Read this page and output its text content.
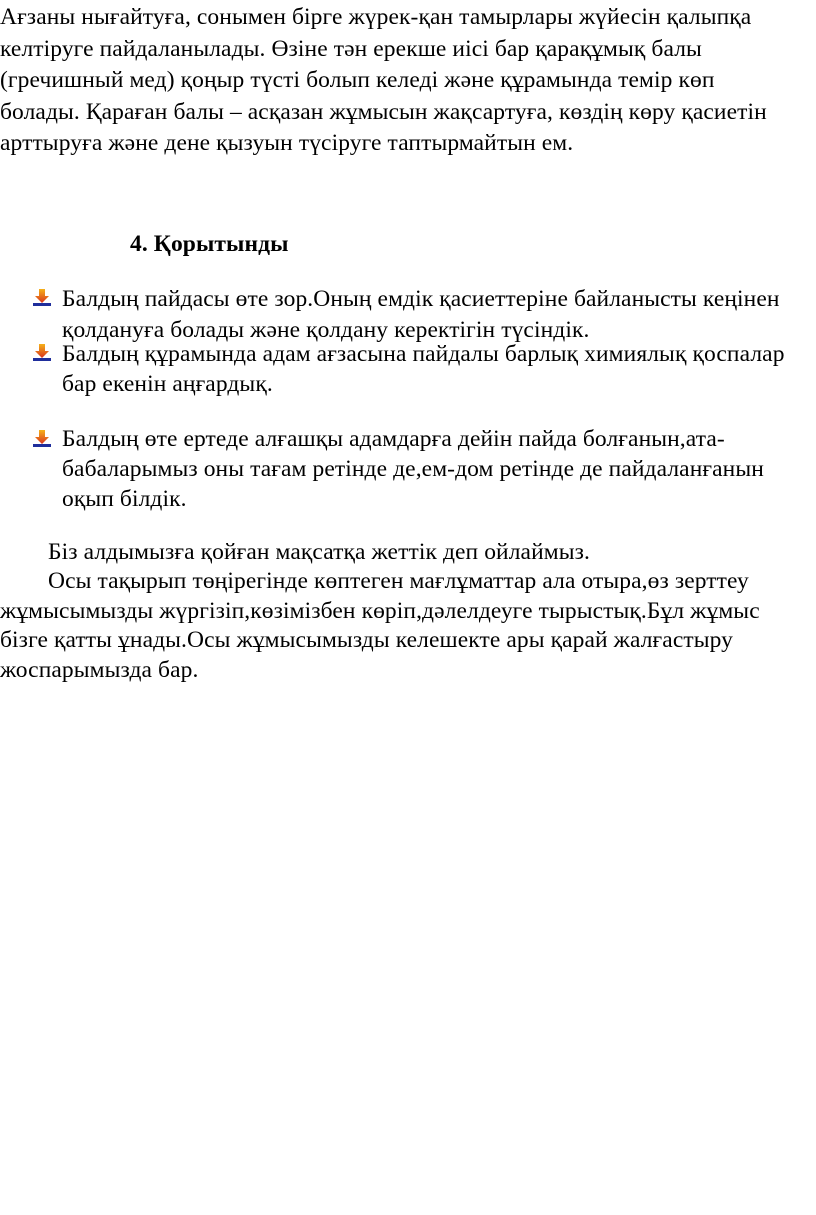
Ағзаны нығайтуға, сонымен бірге жүрек-қан тамырлары жүйесін қалыпқа
келтіруге пайдаланылады. Өзіне тән ерекше иісі бар қарақұмық балы
(гречишный мед) қоңыр түсті болып келеді және құрамында темір көп
болады. Қараған балы – асқазан жұмысын жақсартуға, көздің көру қасиетін
арттыруға және дене қызуын түсіруге таптырмайтын ем.
4. Қорытынды
Балдың пайдасы өте зор.Оның емдік қасиеттеріне байланысты кеңінен
қолдануға болады және қолдану керектігін түсіндік.
Балдың құрамында адам ағзасына пайдалы барлық химиялық қоспалар
бар екенін аңғардық.
Балдың өте ертеде алғашқы адамдарға дейін пайда болғанын,ата-
бабаларымыз оны тағам ретінде де,ем-дом ретінде де пайдаланғанын
оқып білдік.
Біз алдымызға қойған мақсатқа жеттік деп ойлаймыз.
Осы тақырып төңірегінде көптеген мағлұматтар ала отыра,өз зерттеу
жұмысымызды жүргізіп,көзімізбен көріп,дәлелдеуге тырыстық.Бұл жұмыс
бізге қатты ұнады.Осы жұмысымызды келешекте ары қарай жалғастыру
жоспарымызда бар.
